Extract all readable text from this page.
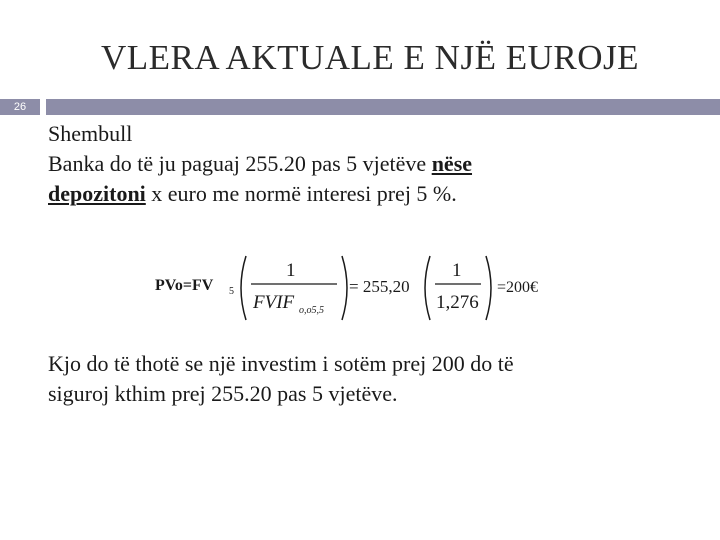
VLERA AKTUALE E NJË EUROJE
26
Shembull
Banka do të ju paguaj 255.20 pas 5 vjetëve nëse
depozitoni x euro me normë interesi prej 5 %.
PVo=FV 5
1
FVIF o,o5,5
= 255,20
1
1,276
=200€
Kjo do të thotë se një investim i sotëm prej 200 do të
siguroj kthim prej 255.20 pas 5 vjetëve.
